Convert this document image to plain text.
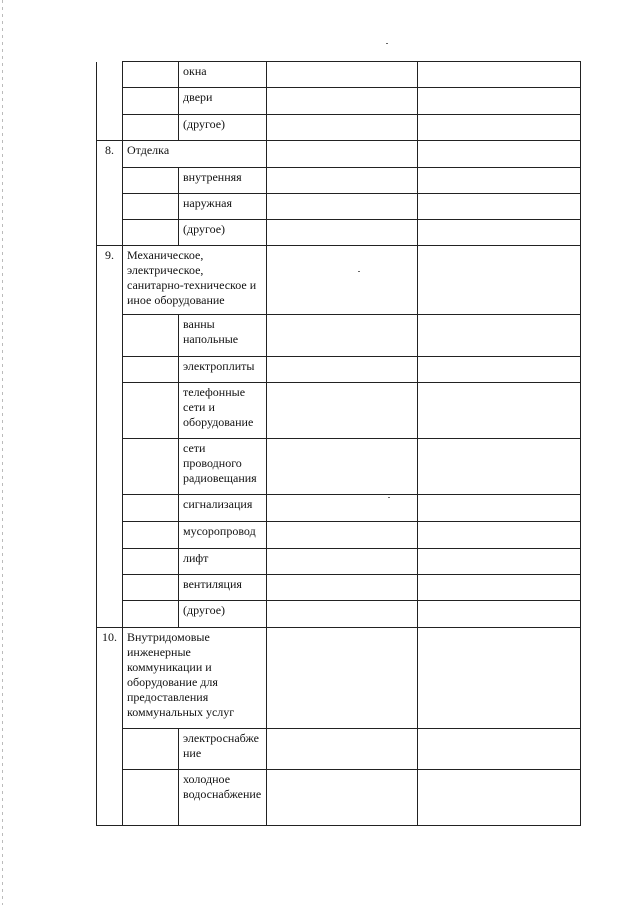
		окна		
		двери		
		(другое)		
8.	Отделка			
		внутренняя		
		наружная		
		(другое)		
9.	Механическое, электрическое, санитарно-техническое и иное оборудование			
		ванны напольные		
		электроплиты		
		телефонные сети и оборудование		
		сети проводного радиовещания		
		сигнализация		
		мусоропровод		
		лифт		
		вентиляция		
		(другое)		
10.	Внутридомовые инженерные коммуникации и оборудование для предоставления коммунальных услуг			
		электроснабжение		
		холодное водоснабжение		
